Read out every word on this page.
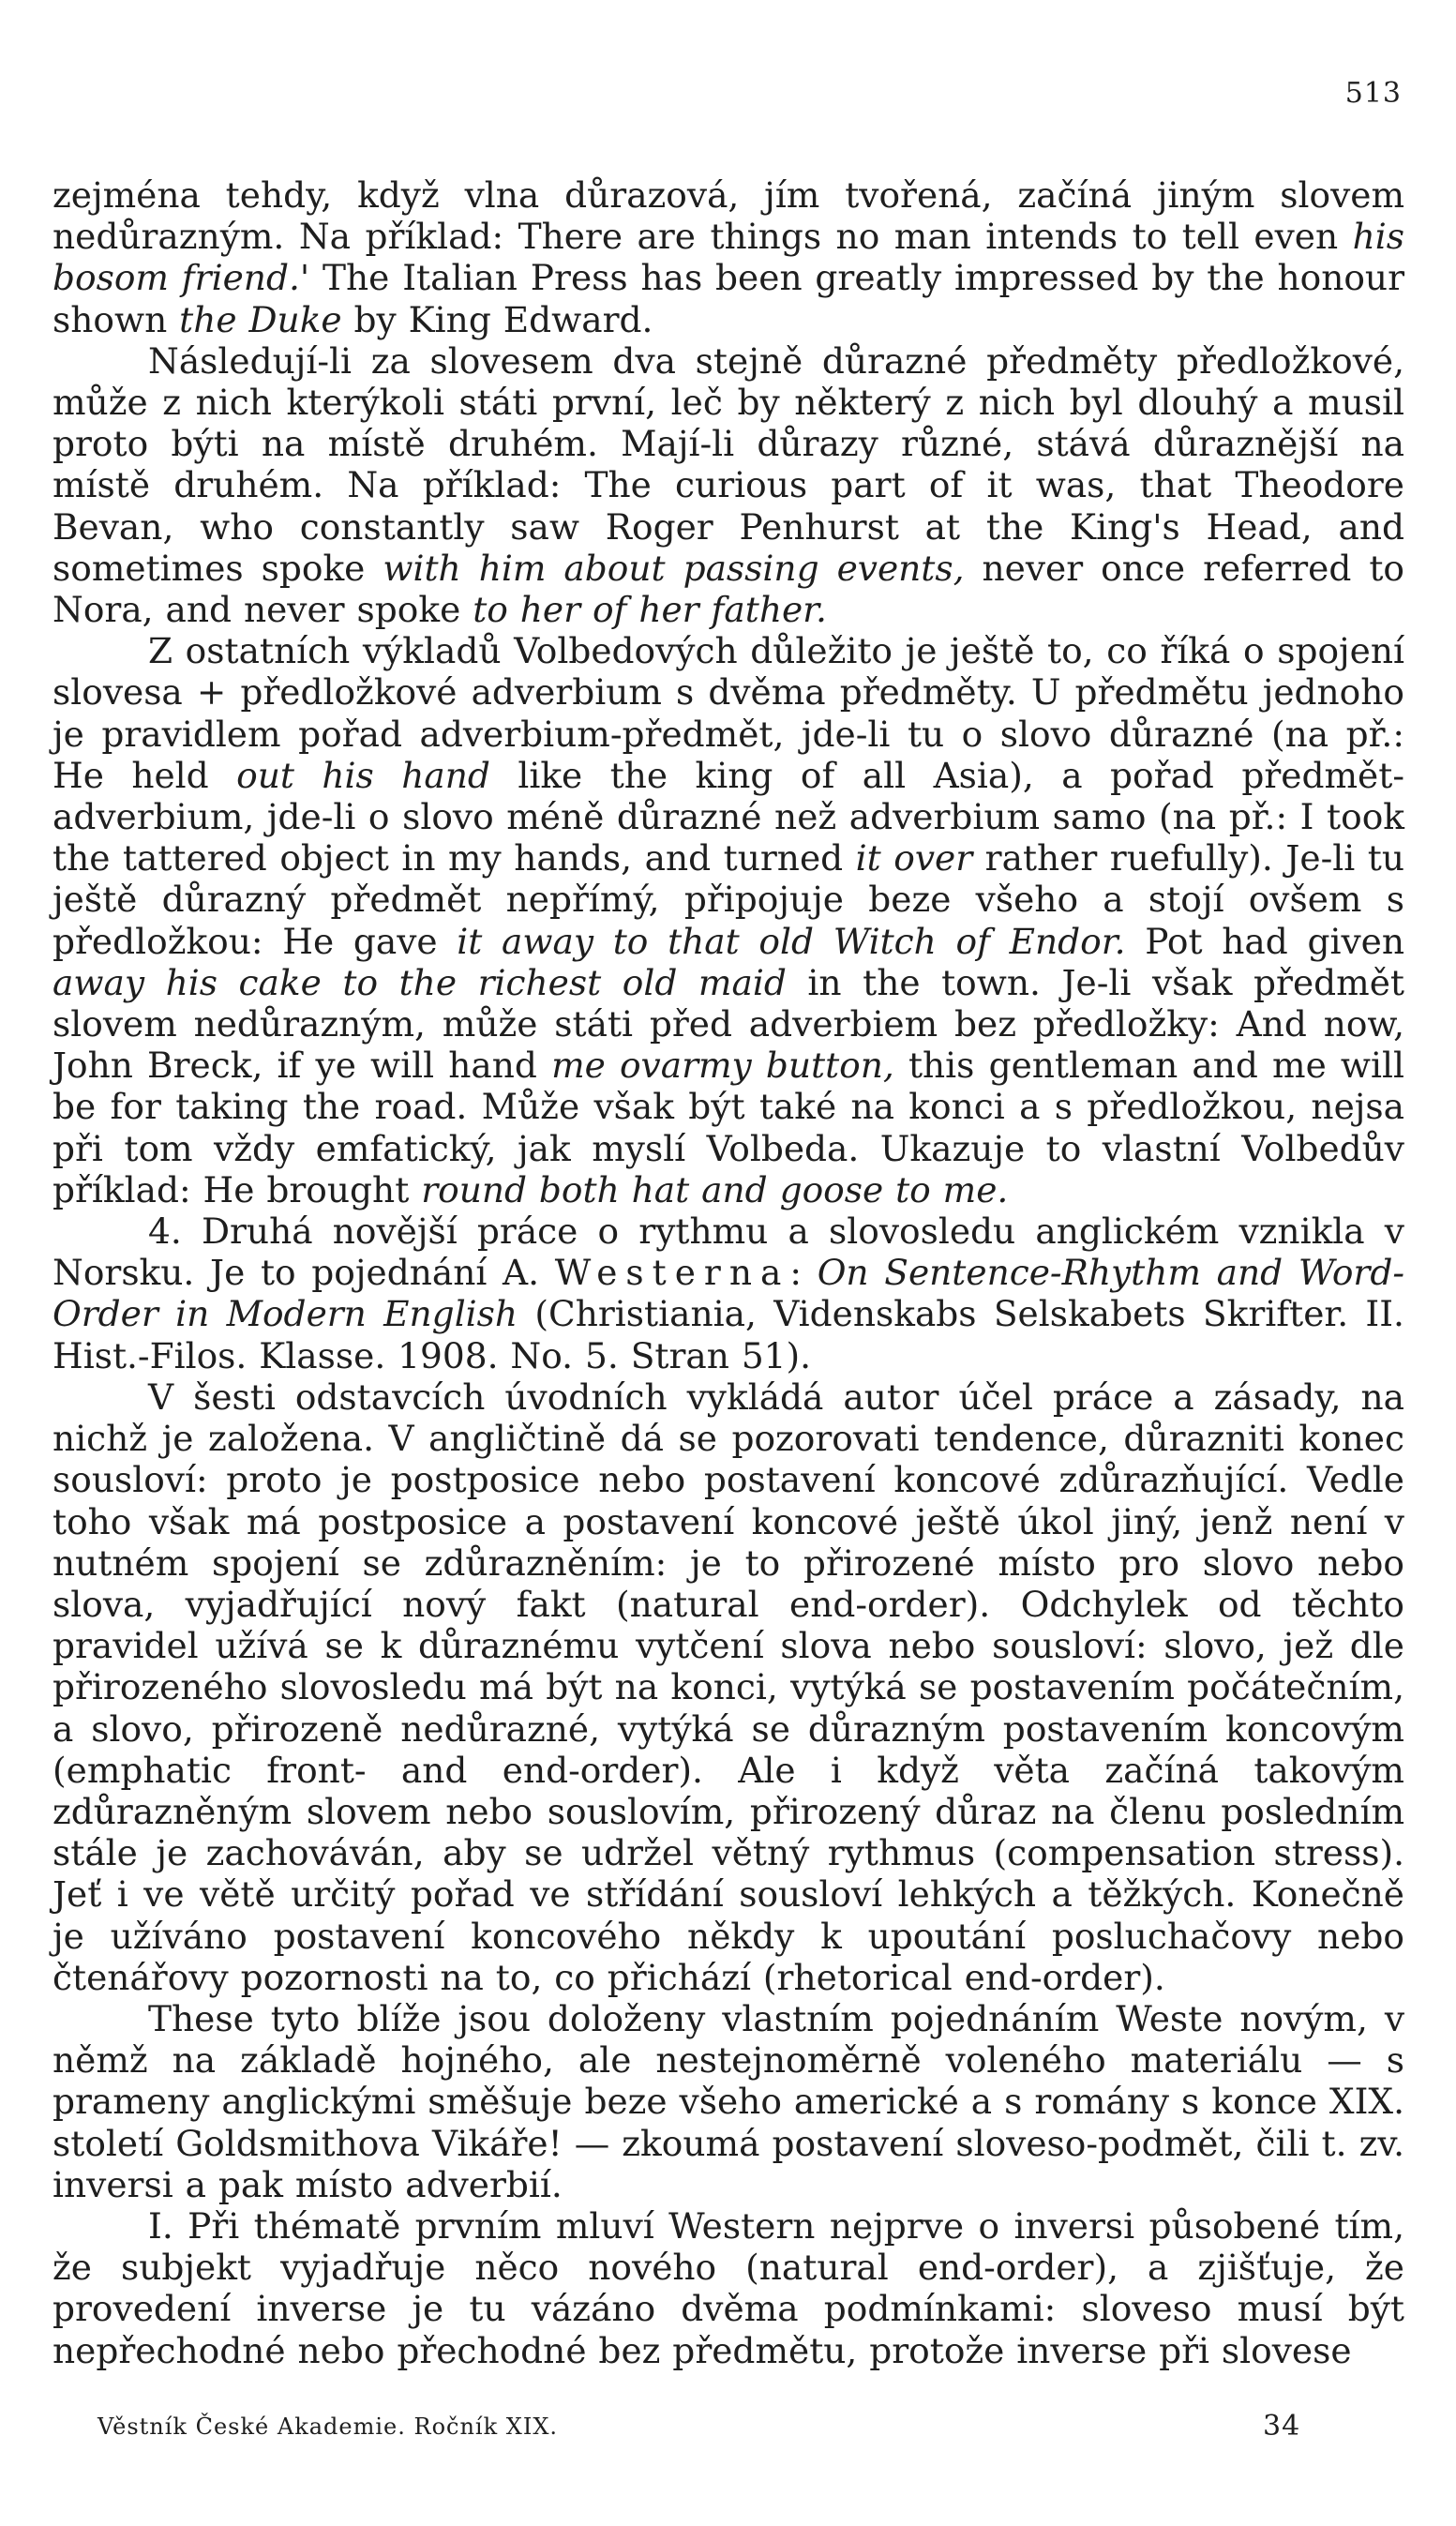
513

zejména tehdy, když vlna důrazová, jím tvořená, začíná jiným slovem nedůrazným. Na příklad: There are things no man intends to tell even his bosom friend.' The Italian Press has been greatly impressed by the honour shown the Duke by King Edward.

Následují-li za slovesem dva stejně důrazné předměty předložkové, může z nich kterýkoli státi první, leč by některý z nich byl dlouhý a musil proto býti na místě druhém. Mají-li důrazy různé, stává důraznější na místě druhém. Na příklad: The curious part of it was, that Theodore Bevan, who constantly saw Roger Penhurst at the King's Head, and sometimes spoke with him about passing events, never once referred to Nora, and never spoke to her of her father.

Z ostatních výkladů Volbedových důležito je ještě to, co říká o spojení slovesa + předložkové adverbium s dvěma předměty. U předmětu jednoho je pravidlem pořad adverbium-předmět, jde-li tu o slovo důrazné (na př.: He held out his hand like the king of all Asia), a pořad předmět-adverbium, jde-li o slovo méně důrazné než adverbium samo (na př.: I took the tattered object in my hands, and turned it over rather ruefully). Je-li tu ještě důrazný předmět nepřímý, připojuje beze všeho a stojí ovšem s předložkou: He gave it away to that old Witch of Endor. Pot had given away his cake to the richest old maid in the town. Je-li však předmět slovem nedůrazným, může státi před adverbiem bez předložky: And now, John Breck, if ye will hand me ovarmy button, this gentleman and me will be for taking the road. Může však být také na konci a s předložkou, nejsa při tom vždy emfatický, jak myslí Volbeda. Ukazuje to vlastní Volbedův příklad: He brought round both hat and goose to me.

4. Druhá novější práce o rythmu a slovosledu anglickém vznikla v Norsku. Je to pojednání A. Westerna: On Sentence-Rhythm and Word-Order in Modern English (Christiania, Videnskabs Selskabets Skrifter. II. Hist.-Filos. Klasse. 1908. No. 5. Stran 51).

V šesti odstavcích úvodních vykládá autor účel práce a zásady, na nichž je založena. V angličtině dá se pozorovati tendence, důrazniti konec sousloví: proto je postposice nebo postavení koncové zdůrazňující. Vedle toho však má postposice a postavení koncové ještě úkol jiný, jenž není v nutném spojení se zdůrazněním: je to přirozené místo pro slovo nebo slova, vyjadřující nový fakt (natural end-order). Odchylek od těchto pravidel užívá se k důraznému vytčení slova nebo sousloví: slovo, jež dle přirozeného slovosledu má být na konci, vytýká se postavením počátečním, a slovo, přirozeně nedůrazné, vytýká se důrazným postavením koncovým (emphatic front- and end-order). Ale i když věta začíná takovým zdůrazněným slovem nebo souslovím, přirozený důraz na členu posledním stále je zachováván, aby se udržel větný rythmus (compensation stress). Jeť i ve větě určitý pořad ve střídání sousloví lehkých a těžkých. Konečně je užíváno postavení koncového někdy k upoutání posluchačovy nebo čtenářovy pozornosti na to, co přichází (rhetorical end-order).

These tyto blíže jsou doloženy vlastním pojednáním Weste novým, v němž na základě hojného, ale nestejnoměrně voleného materiálu — s prameny anglickými směšuje beze všeho americké a s romány s konce XIX. století Goldsmithova Vikáře! — zkoumá postavení sloveso-podmět, čili t. zv. inversi a pak místo adverbií.

I. Při thématě prvním mluví Western nejprve o inversi působené tím, že subjekt vyjadřuje něco nového (natural end-order), a zjišťuje, že provedení inverse je tu vázáno dvěma podmínkami: sloveso musí být nepřechodné nebo přechodné bez předmětu, protože inverse při slovese

Věstník České Akademie. Ročník XIX.	34
